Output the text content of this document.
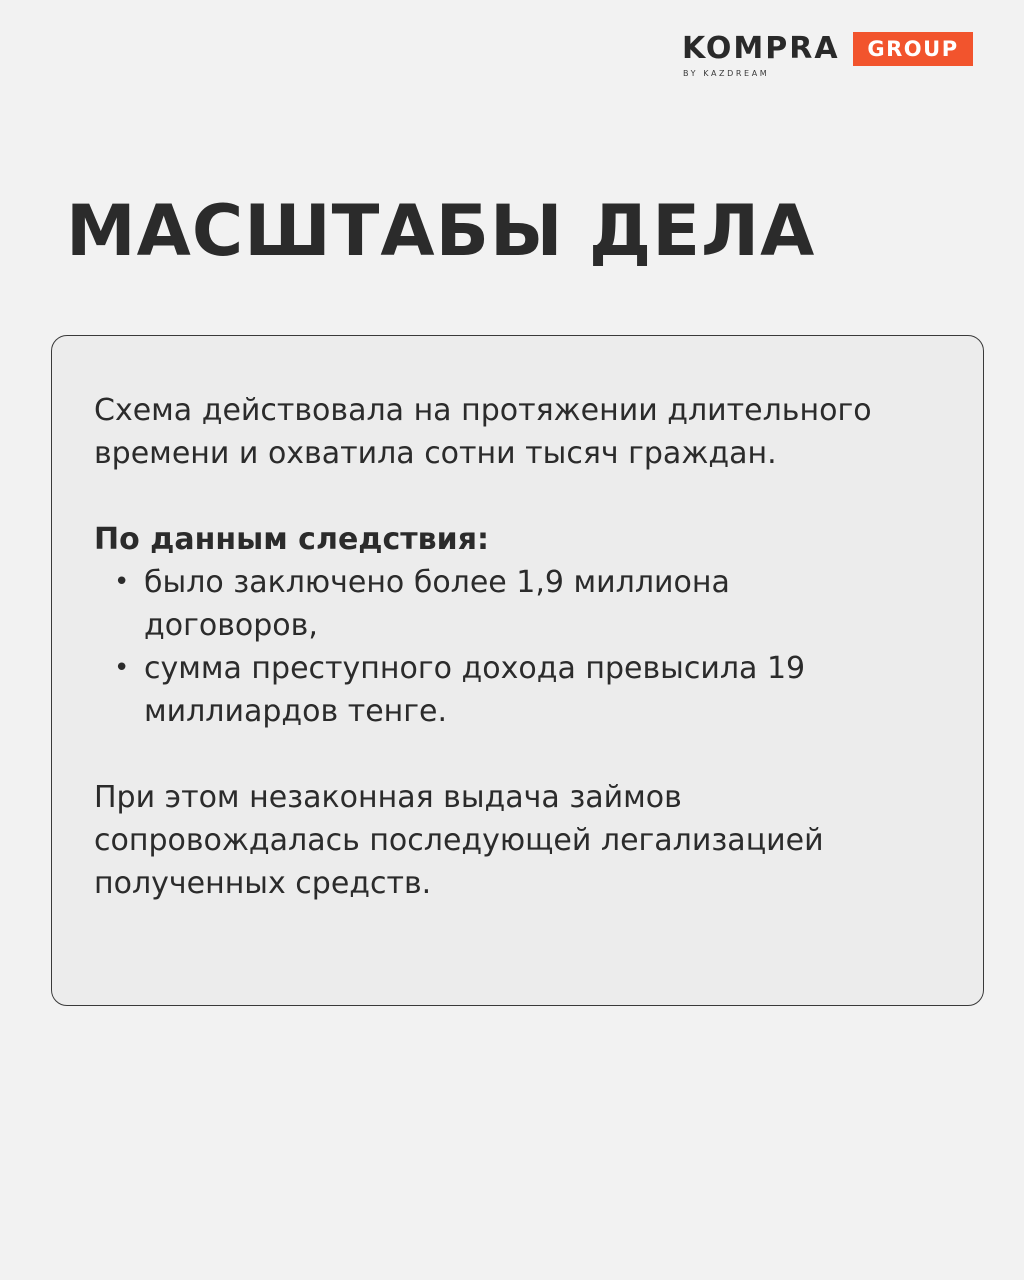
KOMPRA	GROUP
BY KAZDREAM
МАСШТАБЫ ДЕЛА

Схема действовала на протяжении длительного времени и охватила сотни тысяч граждан.

По данным следствия:

• было заключено более 1,9 миллиона договоров,
• сумма преступного дохода превысила 19 миллиардов тенге.

При этом незаконная выдача займов сопровождалась последующей легализацией полученных средств.
